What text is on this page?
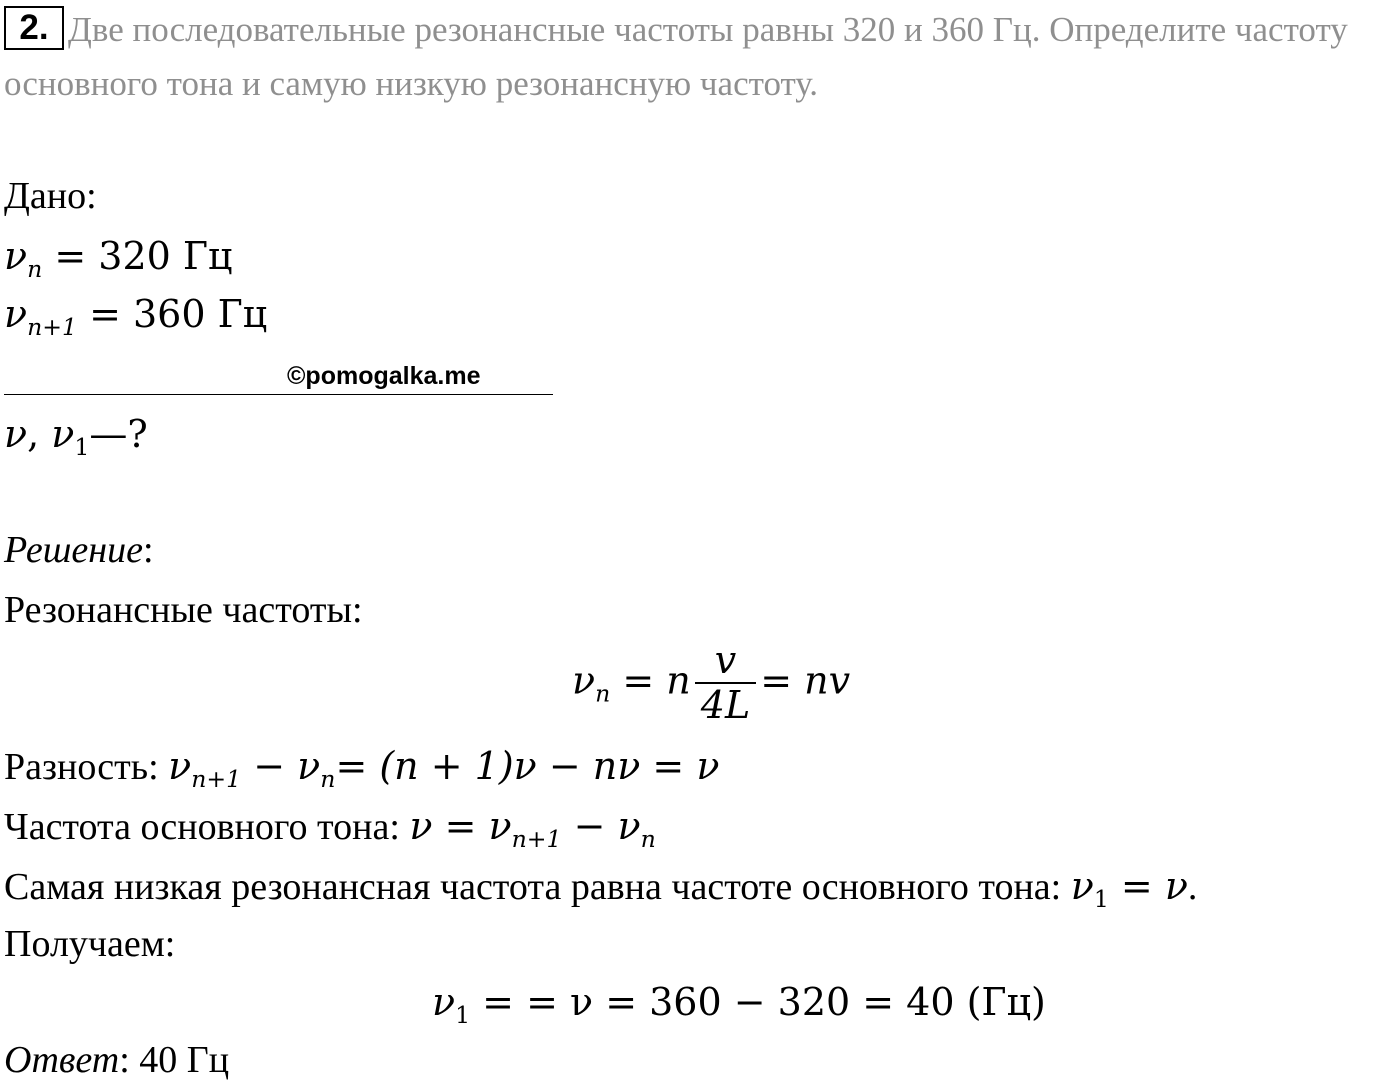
2. Две последовательные резонансные частоты равны 320 и 360 Гц. Определите частоту
основного тона и самую низкую резонансную частоту.
Дано:
$\nu_n = 320$ Гц
$\nu_{n+1} = 360$ Гц
©pomogalka.me
ν, $\nu_1—$?
Решение:
Резонансные частоты:
$\nu_n = n \frac{v}{4L}$ = nv
Разность: $\nu_{n+1} - \nu_n= (n + 1)\nu - n\nu = \nu$
Частота основного тона: $\nu = \nu_{n+1} - \nu_n$
Самая низкая резонансная частота равна частоте основного тона: $\nu_1 = \nu$.
Получаем:
$\nu_1$ = = ν = 360 − 320 = 40 (Гц)
Ответ: 40 Гц
